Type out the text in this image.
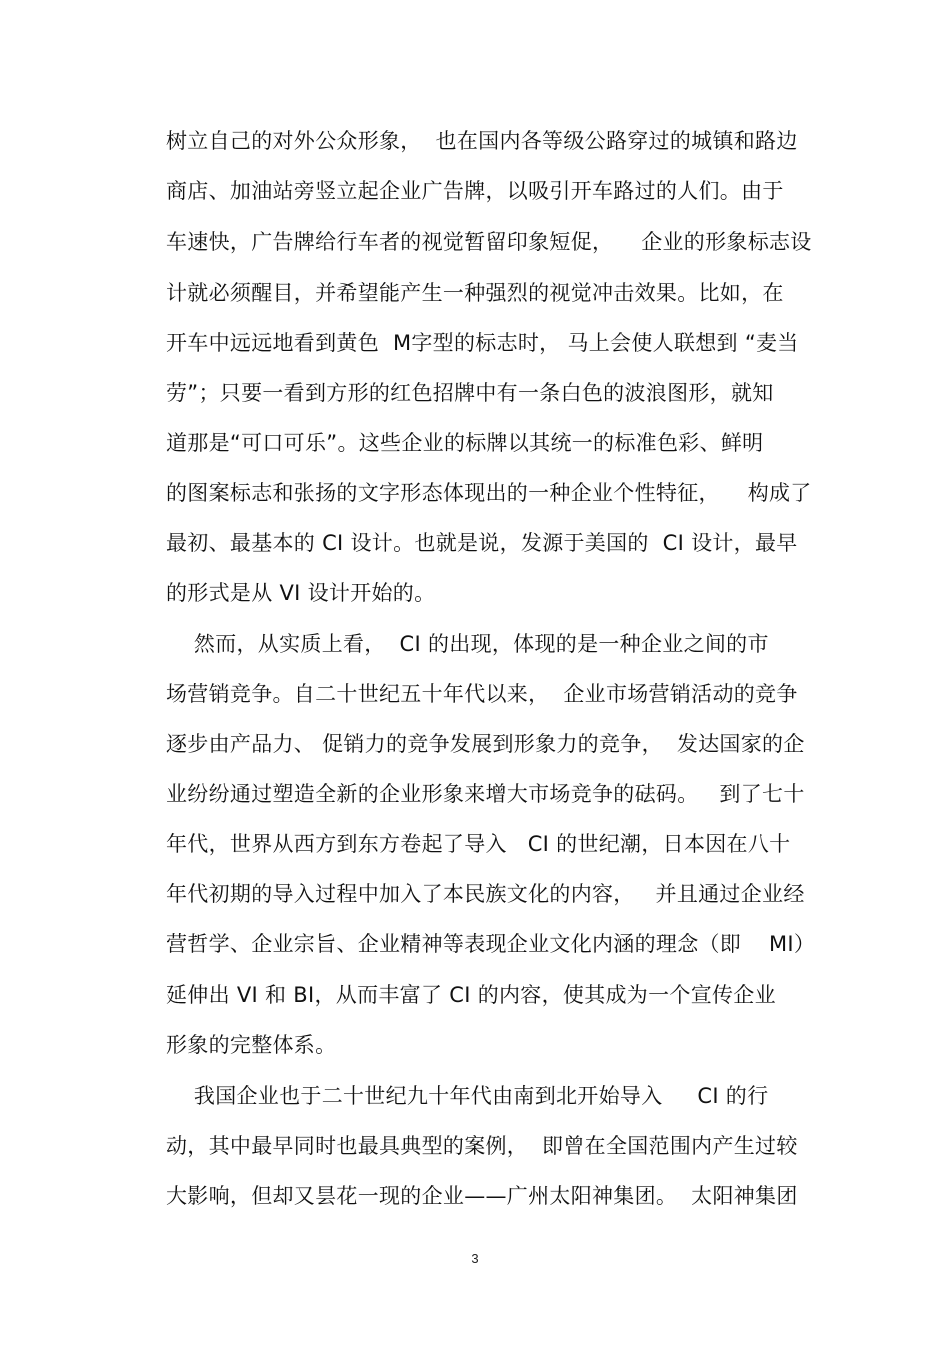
树立自己的对外公众形象，  也在国内各等级公路穿过的城镇和路边
商店、加油站旁竖立起企业广告牌，以吸引开车路过的人们。由于
车速快，广告牌给行车者的视觉暂留印象短促，    企业的形象标志设
计就必须醒目，并希望能产生一种强烈的视觉冲击效果。比如，在
开车中远远地看到黄色  M字型的标志时， 马上会使人联想到 “麦当
劳”；只要一看到方形的红色招牌中有一条白色的波浪图形，就知
道那是“可口可乐”。这些企业的标牌以其统一的标准色彩、鲜明
的图案标志和张扬的文字形态体现出的一种企业个性特征，    构成了
最初、最基本的 CI 设计。也就是说，发源于美国的  CI 设计，最早
的形式是从 VI 设计开始的。
然而，从实质上看，  CI 的出现，体现的是一种企业之间的市
场营销竞争。自二十世纪五十年代以来，  企业市场营销活动的竞争
逐步由产品力、 促销力的竞争发展到形象力的竞争，  发达国家的企
业纷纷通过塑造全新的企业形象来增大市场竞争的砝码。   到了七十
年代，世界从西方到东方卷起了导入   CI 的世纪潮，日本因在八十
年代初期的导入过程中加入了本民族文化的内容，   并且通过企业经
营哲学、企业宗旨、企业精神等表现企业文化内涵的理念（即    MI）
延伸出 VI 和 BI，从而丰富了 CI 的内容，使其成为一个宣传企业
形象的完整体系。
我国企业也于二十世纪九十年代由南到北开始导入     CI 的行
动，其中最早同时也最具典型的案例，  即曾在全国范围内产生过较
大影响，但却又昙花一现的企业——广州太阳神集团。  太阳神集团
3
